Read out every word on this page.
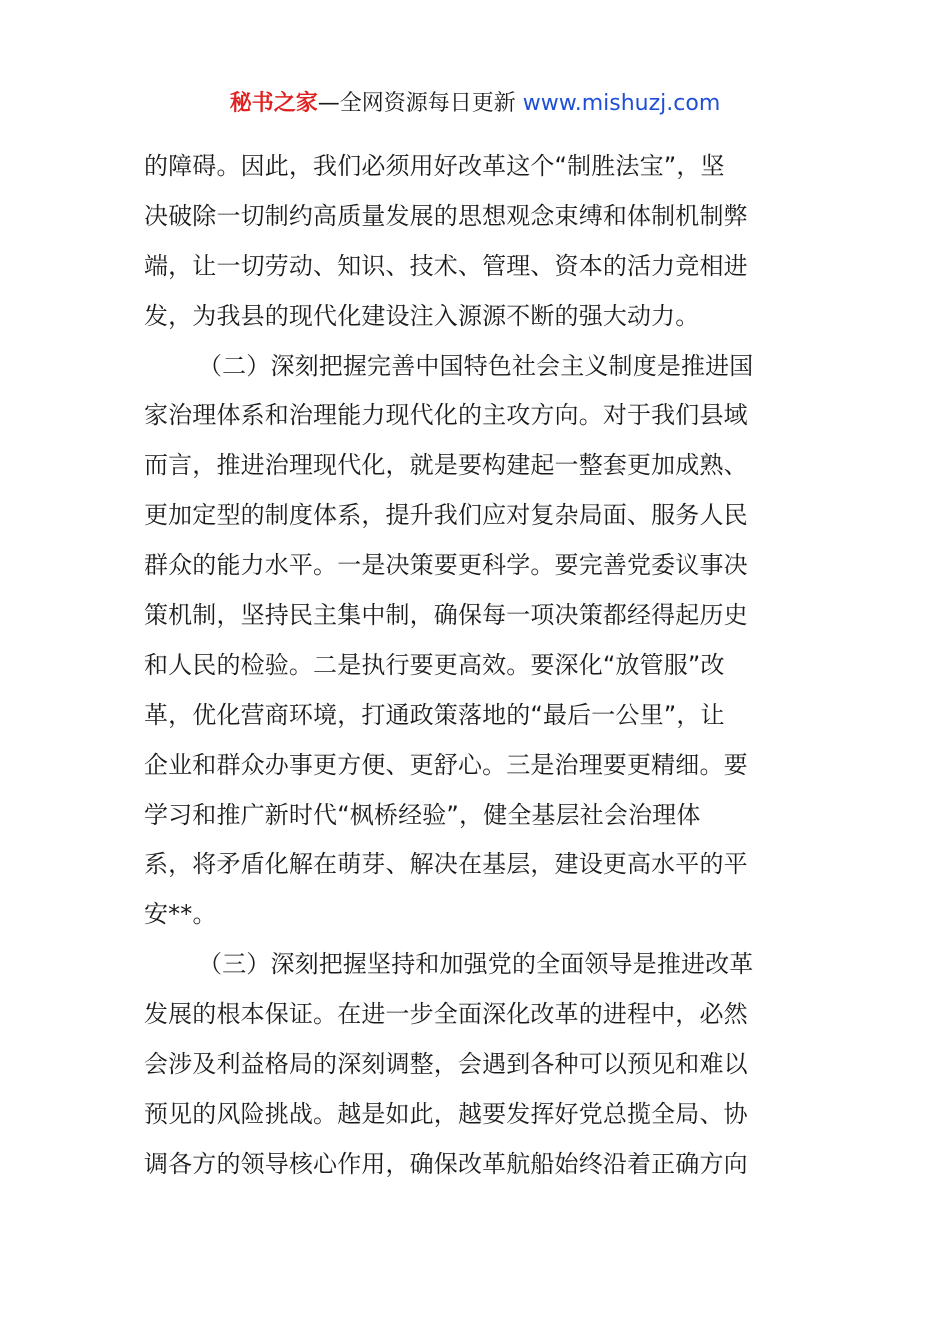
秘书之家—全网资源每日更新 www.mishuzj.com
的障碍。因此，我们必须用好改革这个“制胜法宝”，坚
决破除一切制约高质量发展的思想观念束缚和体制机制弊
端，让一切劳动、知识、技术、管理、资本的活力竞相进
发，为我县的现代化建设注入源源不断的强大动力。
（二）深刻把握完善中国特色社会主义制度是推进国
家治理体系和治理能力现代化的主攻方向。对于我们县域
而言，推进治理现代化，就是要构建起一整套更加成熟、
更加定型的制度体系，提升我们应对复杂局面、服务人民
群众的能力水平。一是决策要更科学。要完善党委议事决
策机制，坚持民主集中制，确保每一项决策都经得起历史
和人民的检验。二是执行要更高效。要深化“放管服”改
革，优化营商环境，打通政策落地的“最后一公里”，让
企业和群众办事更方便、更舒心。三是治理要更精细。要
学习和推广新时代“枫桥经验”，健全基层社会治理体
系，将矛盾化解在萌芽、解决在基层，建设更高水平的平
安**。
（三）深刻把握坚持和加强党的全面领导是推进改革
发展的根本保证。在进一步全面深化改革的进程中，必然
会涉及利益格局的深刻调整，会遇到各种可以预见和难以
预见的风险挑战。越是如此，越要发挥好党总揽全局、协
调各方的领导核心作用，确保改革航船始终沿着正确方向
